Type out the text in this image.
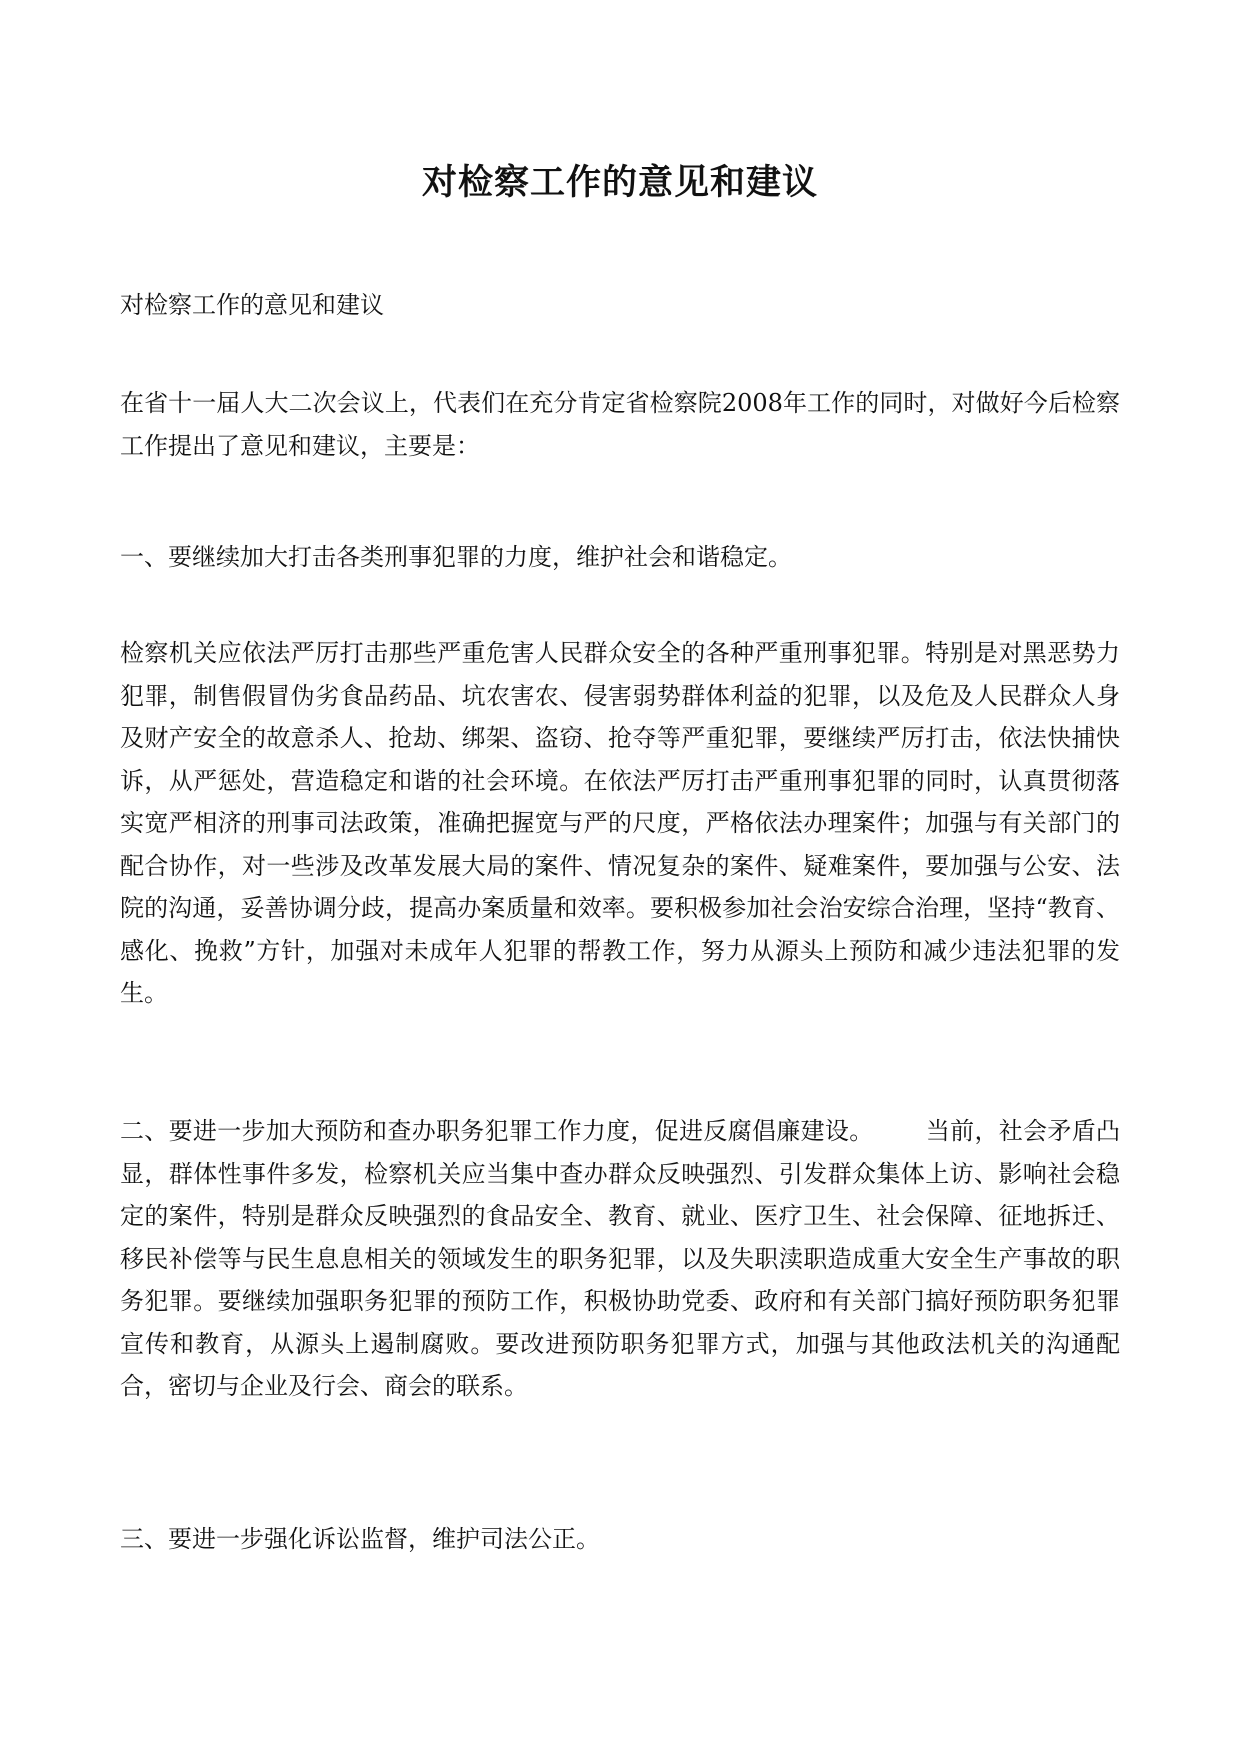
对检察工作的意见和建议

对检察工作的意见和建议

在省十一届人大二次会议上，代表们在充分肯定省检察院2008年工作的同时，对做好今后检察工作提出了意见和建议，主要是：

一、要继续加大打击各类刑事犯罪的力度，维护社会和谐稳定。

检察机关应依法严厉打击那些严重危害人民群众安全的各种严重刑事犯罪。特别是对黑恶势力犯罪，制售假冒伪劣食品药品、坑农害农、侵害弱势群体利益的犯罪，以及危及人民群众人身及财产安全的故意杀人、抢劫、绑架、盗窃、抢夺等严重犯罪，要继续严厉打击，依法快捕快诉，从严惩处，营造稳定和谐的社会环境。在依法严厉打击严重刑事犯罪的同时，认真贯彻落实宽严相济的刑事司法政策，准确把握宽与严的尺度，严格依法办理案件；加强与有关部门的配合协作，对一些涉及改革发展大局的案件、情况复杂的案件、疑难案件，要加强与公安、法院的沟通，妥善协调分歧，提高办案质量和效率。要积极参加社会治安综合治理，坚持“教育、感化、挽救”方针，加强对未成年人犯罪的帮教工作，努力从源头上预防和减少违法犯罪的发生。

二、要进一步加大预防和查办职务犯罪工作力度，促进反腐倡廉建设。 当前，社会矛盾凸显，群体性事件多发，检察机关应当集中查办群众反映强烈、引发群众集体上访、影响社会稳定的案件，特别是群众反映强烈的食品安全、教育、就业、医疗卫生、社会保障、征地拆迁、移民补偿等与民生息息相关的领域发生的职务犯罪，以及失职渎职造成重大安全生产事故的职务犯罪。要继续加强职务犯罪的预防工作，积极协助党委、政府和有关部门搞好预防职务犯罪宣传和教育，从源头上遏制腐败。要改进预防职务犯罪方式，加强与其他政法机关的沟通配合，密切与企业及行会、商会的联系。

三、要进一步强化诉讼监督，维护司法公正。
